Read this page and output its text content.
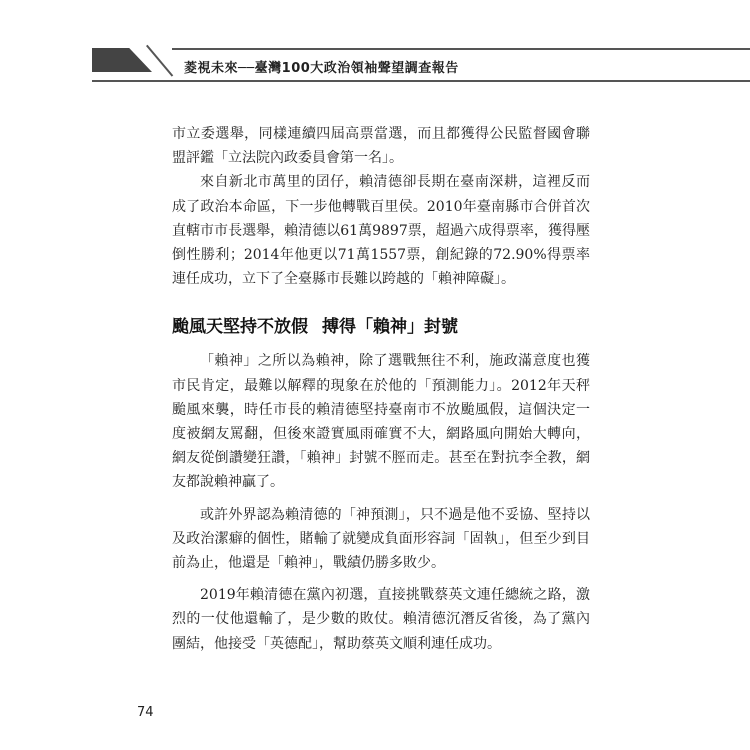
菱視未來──臺灣100大政治領袖聲望調查報告

市立委選舉，同樣連續四屆高票當選，而且都獲得公民監督國會聯盟評鑑「立法院內政委員會第一名」。

來自新北市萬里的囝仔，賴清德卻長期在臺南深耕，這裡反而成了政治本命區，下一步他轉戰百里侯。2010年臺南縣市合併首次直轄市市長選舉，賴清德以61萬9897票，超過六成得票率，獲得壓倒性勝利；2014年他更以71萬1557票，創紀錄的72.90%得票率連任成功，立下了全臺縣市長難以跨越的「賴神障礙」。

颱風天堅持不放假 搏得「賴神」封號

「賴神」之所以為賴神，除了選戰無往不利，施政滿意度也獲市民肯定，最難以解釋的現象在於他的「預測能力」。2012年天秤颱風來襲，時任市長的賴清德堅持臺南市不放颱風假，這個決定一度被網友罵翻，但後來證實風雨確實不大，網路風向開始大轉向，網友從倒讚變狂讚，「賴神」封號不脛而走。甚至在對抗李全教，網友都說賴神贏了。

或許外界認為賴清德的「神預測」，只不過是他不妥協、堅持以及政治潔癖的個性，賭輸了就變成負面形容詞「固執」，但至少到目前為止，他還是「賴神」，戰績仍勝多敗少。

2019年賴清德在黨內初選，直接挑戰蔡英文連任總統之路，激烈的一仗他還輸了，是少數的敗仗。賴清德沉潛反省後，為了黨內團結，他接受「英德配」，幫助蔡英文順利連任成功。

74
